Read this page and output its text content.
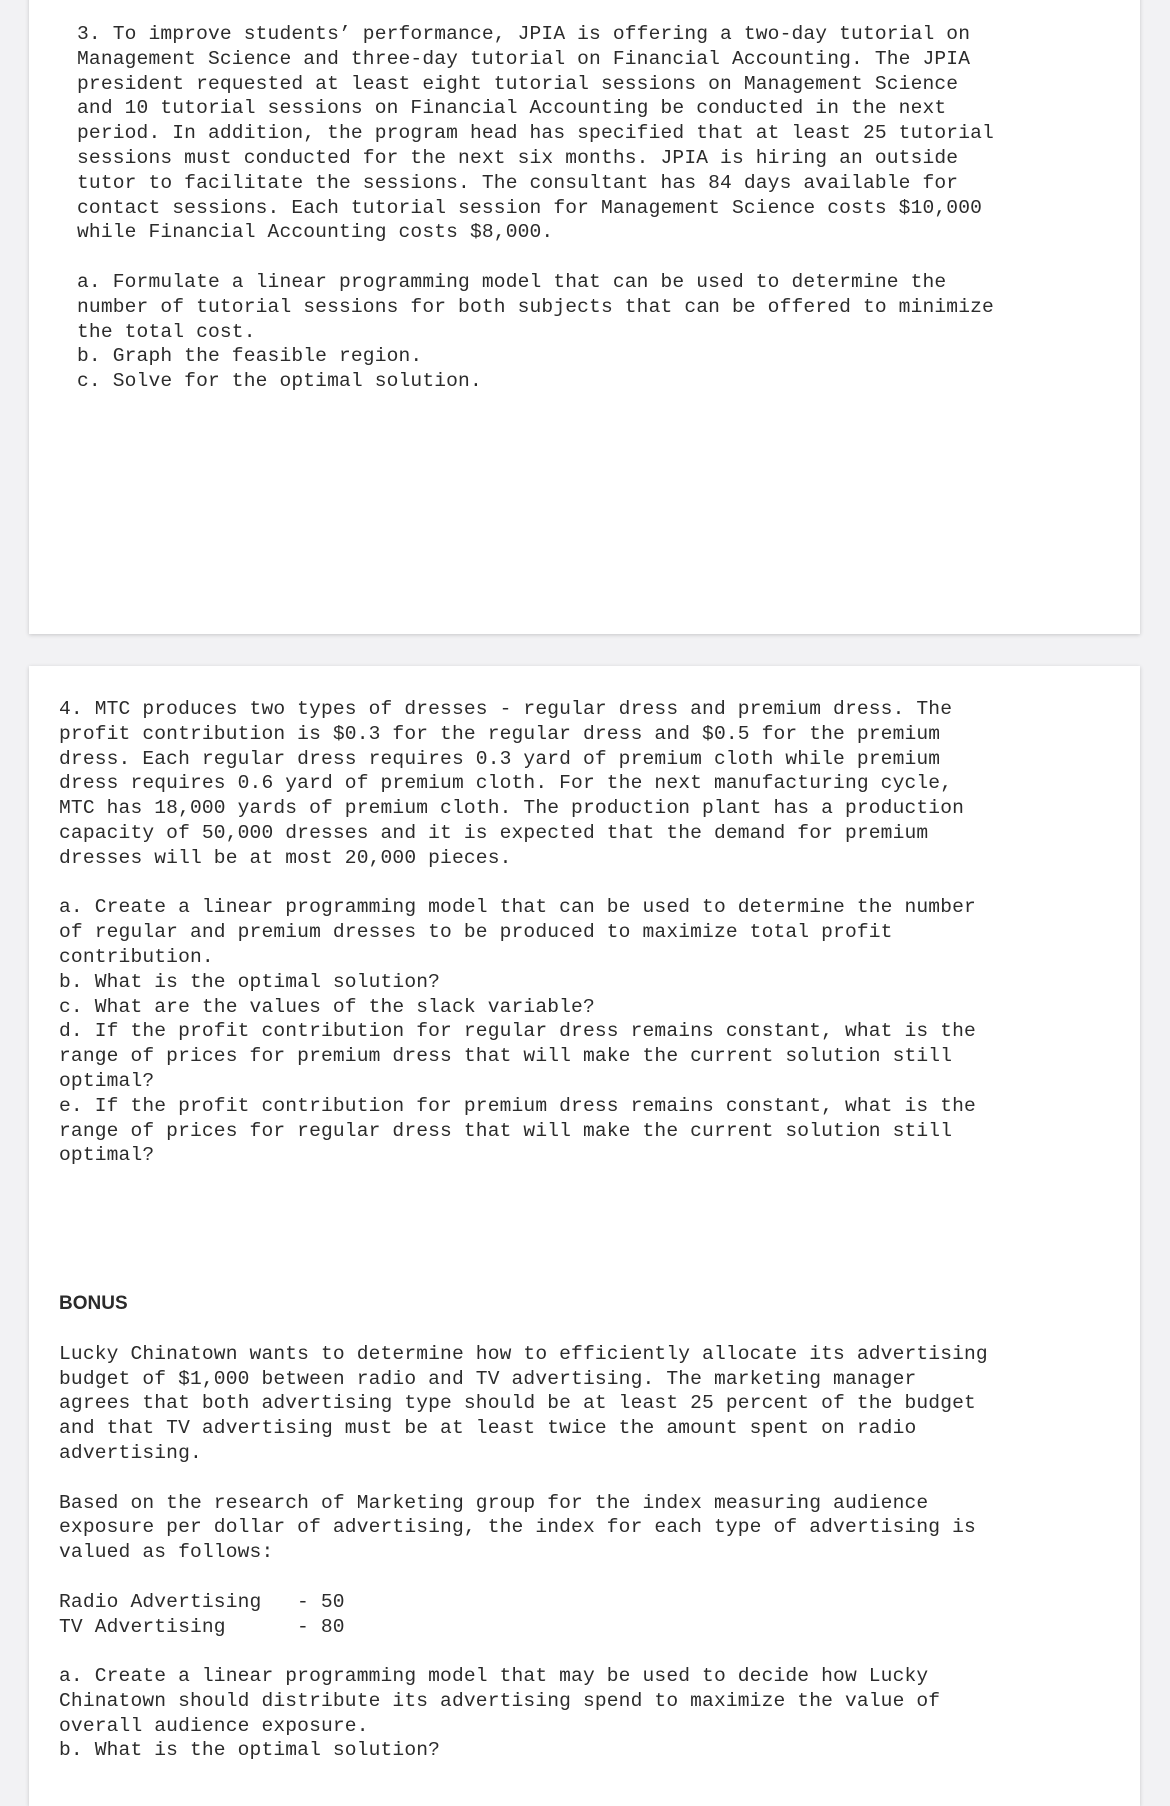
3. To improve students’ performance, JPIA is offering a two-day tutorial on
Management Science and three-day tutorial on Financial Accounting. The JPIA
president requested at least eight tutorial sessions on Management Science
and 10 tutorial sessions on Financial Accounting be conducted in the next
period. In addition, the program head has specified that at least 25 tutorial
sessions must conducted for the next six months. JPIA is hiring an outside
tutor to facilitate the sessions. The consultant has 84 days available for
contact sessions. Each tutorial session for Management Science costs $10,000
while Financial Accounting costs $8,000.

a. Formulate a linear programming model that can be used to determine the
number of tutorial sessions for both subjects that can be offered to minimize
the total cost.

b. Graph the feasible region.

c. Solve for the optimal solution.

4. MTC produces two types of dresses - regular dress and premium dress. The
profit contribution is $0.3 for the regular dress and $0.5 for the premium
dress. Each regular dress requires 0.3 yard of premium cloth while premium
dress requires 0.6 yard of premium cloth. For the next manufacturing cycle,
MTC has 18,000 yards of premium cloth. The production plant has a production
capacity of 50,000 dresses and it is expected that the demand for premium
dresses will be at most 20,000 pieces.

a. Create a linear programming model that can be used to determine the number
of regular and premium dresses to be produced to maximize total profit
contribution.

b. What is the optimal solution?

c. What are the values of the slack variable?

d. If the profit contribution for regular dress remains constant, what is the
range of prices for premium dress that will make the current solution still
optimal?

e. If the profit contribution for premium dress remains constant, what is the
range of prices for regular dress that will make the current solution still
optimal?

BONUS

Lucky Chinatown wants to determine how to efficiently allocate its advertising
budget of $1,000 between radio and TV advertising. The marketing manager
agrees that both advertising type should be at least 25 percent of the budget
and that TV advertising must be at least twice the amount spent on radio
advertising.

Based on the research of Marketing group for the index measuring audience
exposure per dollar of advertising, the index for each type of advertising is
valued as follows:

Radio Advertising	- 50
TV Advertising	- 80

a. Create a linear programming model that may be used to decide how Lucky
Chinatown should distribute its advertising spend to maximize the value of
overall audience exposure.

b. What is the optimal solution?
